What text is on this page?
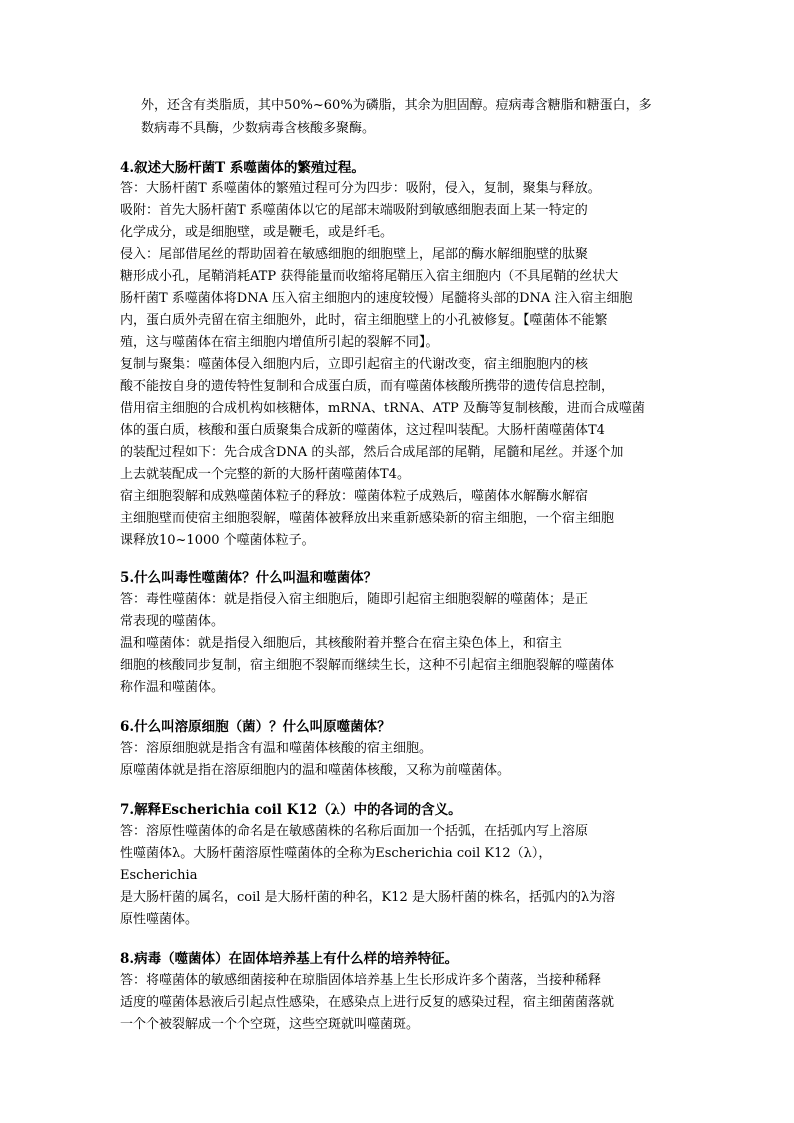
外，还含有类脂质，其中50%~60%为磷脂，其余为胆固醇。痘病毒含糖脂和糖蛋白，多
数病毒不具酶，少数病毒含核酸多聚酶。
4.叙述大肠杆菌T 系噬菌体的繁殖过程。
答：大肠杆菌T 系噬菌体的繁殖过程可分为四步：吸附，侵入，复制，聚集与释放。
吸附：首先大肠杆菌T 系噬菌体以它的尾部末端吸附到敏感细胞表面上某一特定的
化学成分，或是细胞壁，或是鞭毛，或是纤毛。
侵入：尾部借尾丝的帮助固着在敏感细胞的细胞壁上，尾部的酶水解细胞壁的肽聚
糖形成小孔，尾鞘消耗ATP 获得能量而收缩将尾鞘压入宿主细胞内（不具尾鞘的丝状大
肠杆菌T 系噬菌体将DNA 压入宿主细胞内的速度较慢）尾髓将头部的DNA 注入宿主细胞
内，蛋白质外壳留在宿主细胞外，此时，宿主细胞壁上的小孔被修复。【噬菌体不能繁
殖，这与噬菌体在宿主细胞内增值所引起的裂解不同】。
复制与聚集：噬菌体侵入细胞内后，立即引起宿主的代谢改变，宿主细胞胞内的核
酸不能按自身的遗传特性复制和合成蛋白质，而有噬菌体核酸所携带的遗传信息控制，
借用宿主细胞的合成机构如核糖体，mRNA、tRNA、ATP 及酶等复制核酸，进而合成噬菌
体的蛋白质，核酸和蛋白质聚集合成新的噬菌体，这过程叫装配。大肠杆菌噬菌体T4
的装配过程如下：先合成含DNA 的头部，然后合成尾部的尾鞘，尾髓和尾丝。并逐个加
上去就装配成一个完整的新的大肠杆菌噬菌体T4。
宿主细胞裂解和成熟噬菌体粒子的释放：噬菌体粒子成熟后，噬菌体水解酶水解宿
主细胞壁而使宿主细胞裂解，噬菌体被释放出来重新感染新的宿主细胞，一个宿主细胞
课释放10~1000 个噬菌体粒子。
5.什么叫毒性噬菌体？什么叫温和噬菌体？
答：毒性噬菌体：就是指侵入宿主细胞后，随即引起宿主细胞裂解的噬菌体；是正
常表现的噬菌体。
温和噬菌体：就是指侵入细胞后，其核酸附着并整合在宿主染色体上，和宿主
细胞的核酸同步复制，宿主细胞不裂解而继续生长，这种不引起宿主细胞裂解的噬菌体
称作温和噬菌体。
6.什么叫溶原细胞（菌）？什么叫原噬菌体？
答：溶原细胞就是指含有温和噬菌体核酸的宿主细胞。
原噬菌体就是指在溶原细胞内的温和噬菌体核酸，又称为前噬菌体。
7.解释Escherichia coil K12（λ）中的各词的含义。
答：溶原性噬菌体的命名是在敏感菌株的名称后面加一个括弧，在括弧内写上溶原
性噬菌体λ。大肠杆菌溶原性噬菌体的全称为Escherichia coil K12（λ），
Escherichia
是大肠杆菌的属名，coil 是大肠杆菌的种名，K12 是大肠杆菌的株名，括弧内的λ为溶
原性噬菌体。
8.病毒（噬菌体）在固体培养基上有什么样的培养特征。
答：将噬菌体的敏感细菌接种在琼脂固体培养基上生长形成许多个菌落，当接种稀释
适度的噬菌体悬液后引起点性感染，在感染点上进行反复的感染过程，宿主细菌菌落就
一个个被裂解成一个个空斑，这些空斑就叫噬菌斑。
